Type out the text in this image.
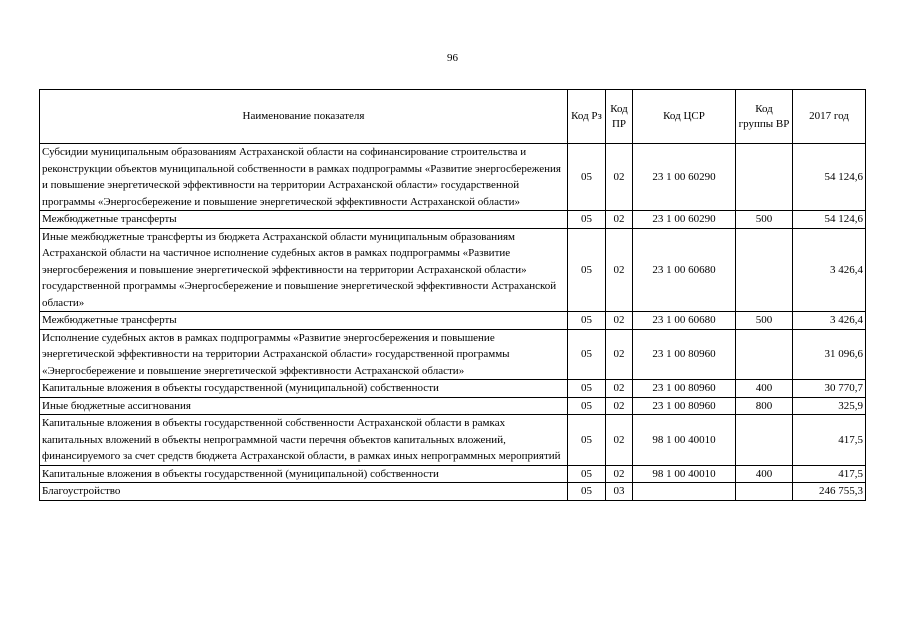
96
Наименование показателя	Код Рз	Код ПР	Код ЦСР	Код группы ВР	2017 год
Субсидии муниципальным образованиям Астраханской области на софинансирование строительства и реконструкции объектов муниципальной собственности в рамках подпрограммы «Развитие энергосбережения и повышение энергетической эффективности на территории Астраханской области» государственной программы «Энергосбережение и повышение энергетической эффективности Астраханской области»	05	02	23 1 00 60290		54 124,6
Межбюджетные трансферты	05	02	23 1 00 60290	500	54 124,6
Иные межбюджетные трансферты из бюджета Астраханской области муниципальным образованиям Астраханской области на частичное исполнение судебных актов в рамках подпрограммы «Развитие энергосбережения и повышение энергетической эффективности на территории Астраханской области» государственной программы «Энергосбережение и повышение энергетической эффективности Астраханской области»	05	02	23 1 00 60680		3 426,4
Межбюджетные трансферты	05	02	23 1 00 60680	500	3 426,4
Исполнение судебных актов в рамках подпрограммы «Развитие энергосбережения и повышение энергетической эффективности на территории Астраханской области» государственной программы «Энергосбережение и повышение энергетической эффективности Астраханской области»	05	02	23 1 00 80960		31 096,6
Капитальные вложения в объекты государственной (муниципальной) собственности	05	02	23 1 00 80960	400	30 770,7
Иные бюджетные ассигнования	05	02	23 1 00 80960	800	325,9
Капитальные вложения в объекты государственной собственности Астраханской области в рамках капитальных вложений в объекты непрограммной части перечня объектов капитальных вложений, финансируемого за счет средств бюджета Астраханской области, в рамках иных непрограммных мероприятий	05	02	98 1 00 40010		417,5
Капитальные вложения в объекты государственной (муниципальной) собственности	05	02	98 1 00 40010	400	417,5
Благоустройство	05	03			246 755,3
